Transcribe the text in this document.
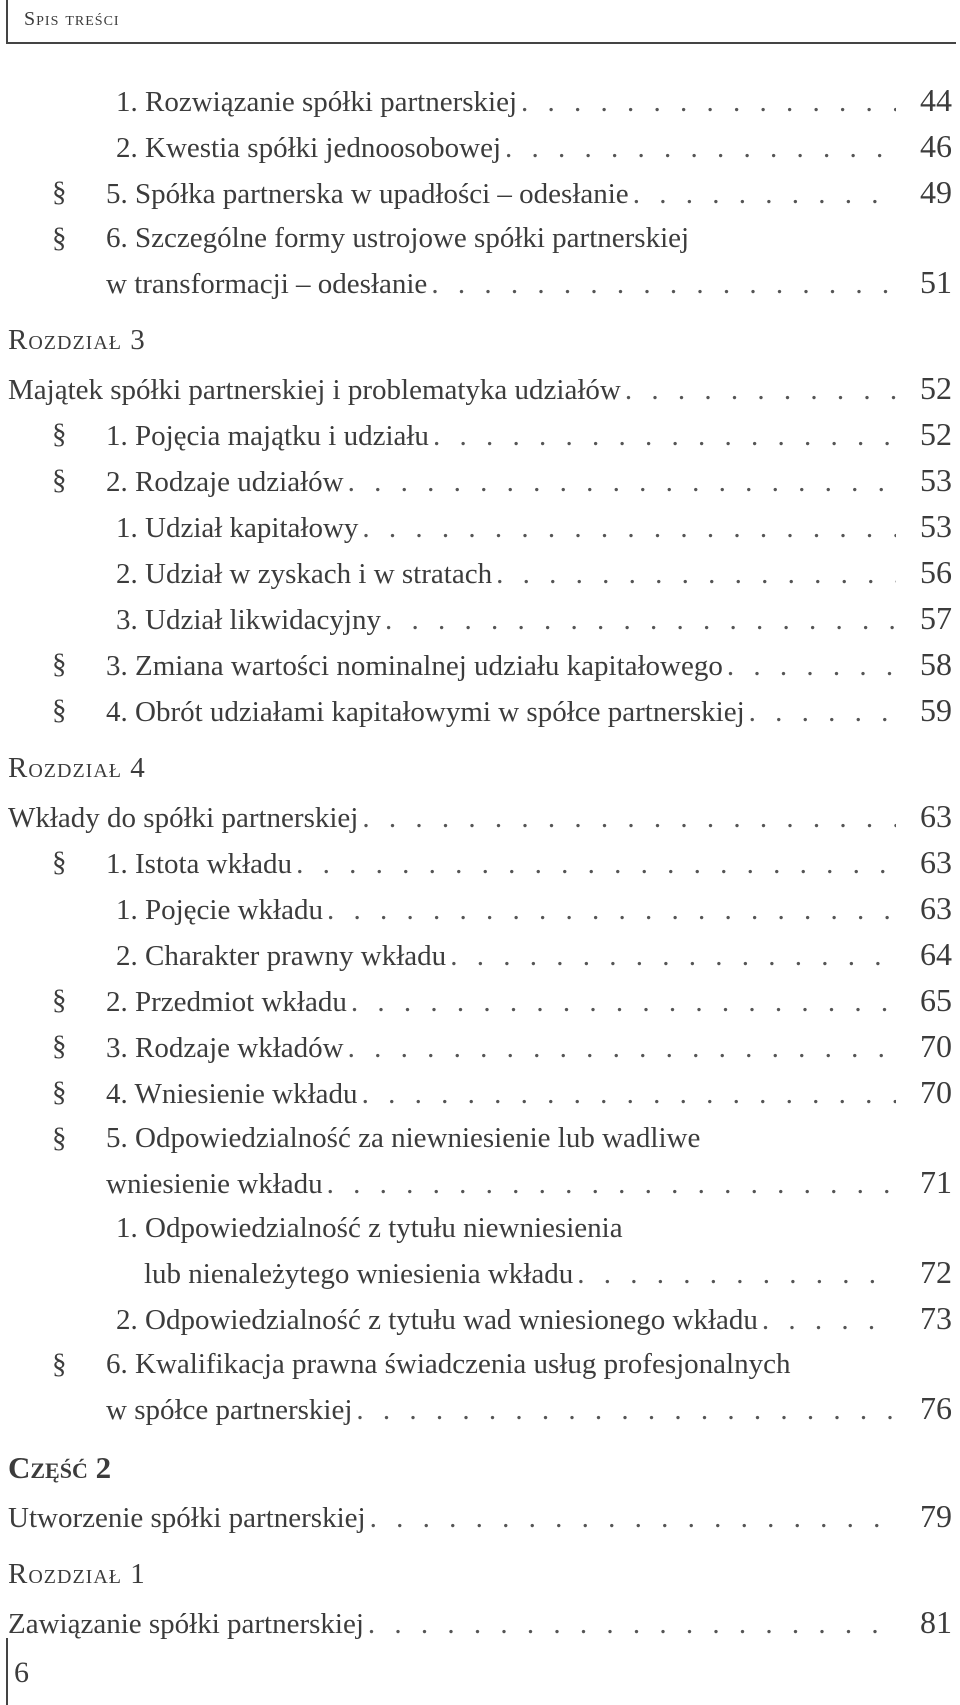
Spis treści
1. Rozwiązanie spółki partnerskiej . . .	44
2. Kwestia spółki jednoosobowej . . .	46
§	5. Spółka partnerska w upadłości – odesłanie . . .	49
§	6. Szczególne formy ustrojowe spółki partnerskiej
w transformacji – odesłanie . . .	51
Rozdział 3
Majątek spółki partnerskiej i problematyka udziałów . . .	52
§	1. Pojęcia majątku i udziału . . .	52
§	2. Rodzaje udziałów . . .	53
1. Udział kapitałowy . . .	53
2. Udział w zyskach i w stratach . . .	56
3. Udział likwidacyjny . . .	57
§	3. Zmiana wartości nominalnej udziału kapitałowego . . .	58
§	4. Obrót udziałami kapitałowymi w spółce partnerskiej . . .	59
Rozdział 4
Wkłady do spółki partnerskiej . . .	63
§	1. Istota wkładu . . .	63
1. Pojęcie wkładu . . .	63
2. Charakter prawny wkładu . . .	64
§	2. Przedmiot wkładu . . .	65
§	3. Rodzaje wkładów . . .	70
§	4. Wniesienie wkładu . . .	70
§	5. Odpowiedzialność za niewniesienie lub wadliwe
wniesienie wkładu . . .	71
1. Odpowiedzialność z tytułu niewniesienia
lub nienależytego wniesienia wkładu . . .	72
2. Odpowiedzialność z tytułu wad wniesionego wkładu . . .	73
§	6. Kwalifikacja prawna świadczenia usług profesjonalnych
w spółce partnerskiej . . .	76
Część 2
Utworzenie spółki partnerskiej . . .	79
Rozdział 1
Zawiązanie spółki partnerskiej . . .	81
6
